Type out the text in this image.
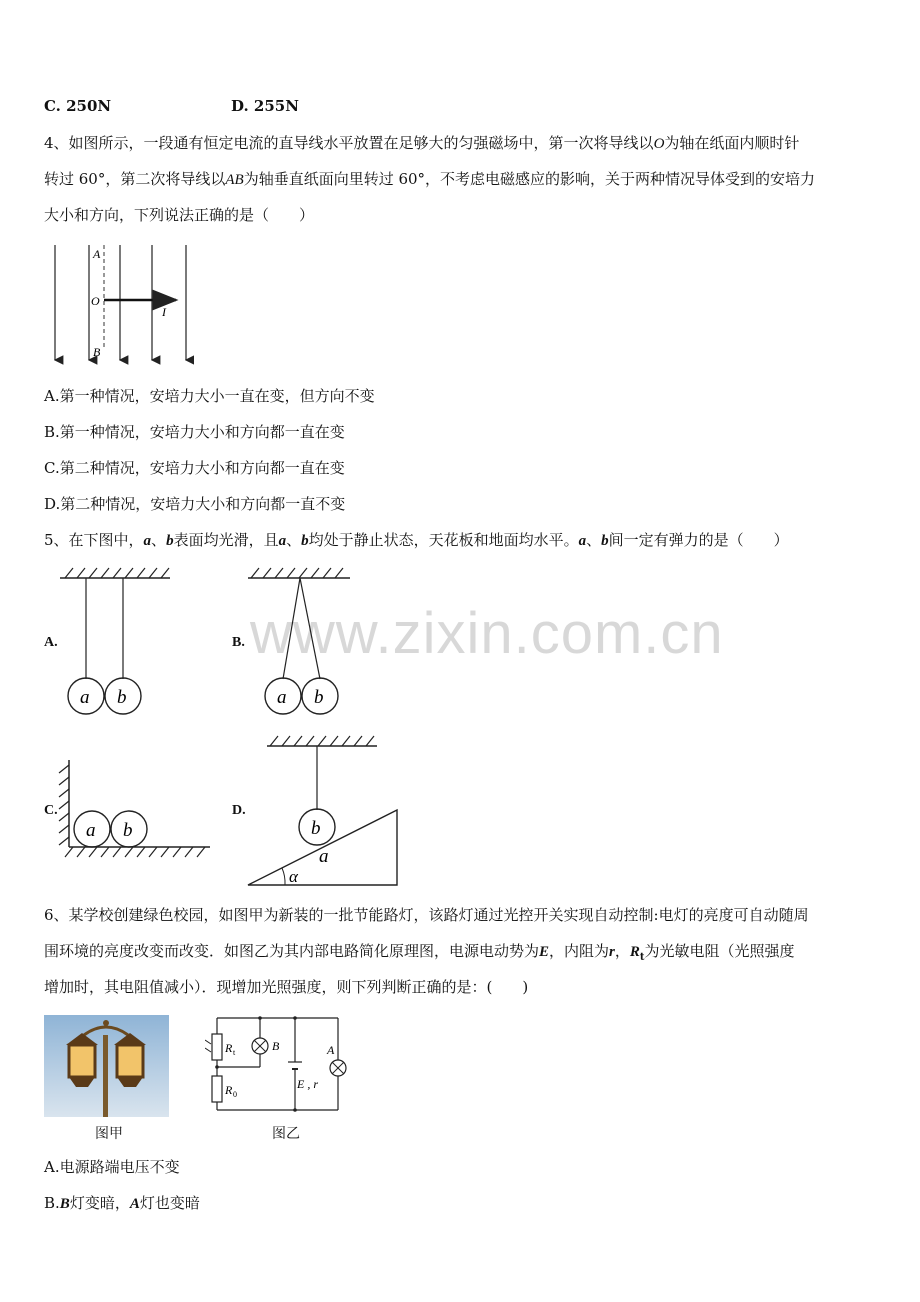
C. 250N	D. 255N
4、如图所示，一段通有恒定电流的直导线水平放置在足够大的匀强磁场中，第一次将导线以O为轴在纸面内顺时针
转过 60°，第二次将导线以AB为轴垂直纸面向里转过 60°，不考虑电磁感应的影响，关于两种情况导体受到的安培力
大小和方向，下列说法正确的是（　　）
A
O
B
I
A.第一种情况，安培力大小一直在变，但方向不变
B.第一种情况，安培力大小和方向都一直在变
C.第二种情况，安培力大小和方向都一直在变
D.第二种情况，安培力大小和方向都一直不变
5、在下图中，a、b表面均光滑，且a、b均处于静止状态，天花板和地面均水平。a、b间一定有弹力的是（　　）
www.zixin.com.cn
A.	B.
C.	D.
a b	a b
a b	b
a
α
6、某学校创建绿色校园，如图甲为新装的一批节能路灯，该路灯通过光控开关实现自动控制:电灯的亮度可自动随周
围环境的亮度改变而改变．如图乙为其内部电路简化原理图，电源电动势为E，内阻为r，$R_t$为光敏电阻（光照强度
增加时，其电阻值减小）．现增加光照强度，则下列判断正确的是：(　　)
图甲
R t
R 0
B	A
E , r
图乙
A.电源路端电压不变
B.B灯变暗，A灯也变暗
